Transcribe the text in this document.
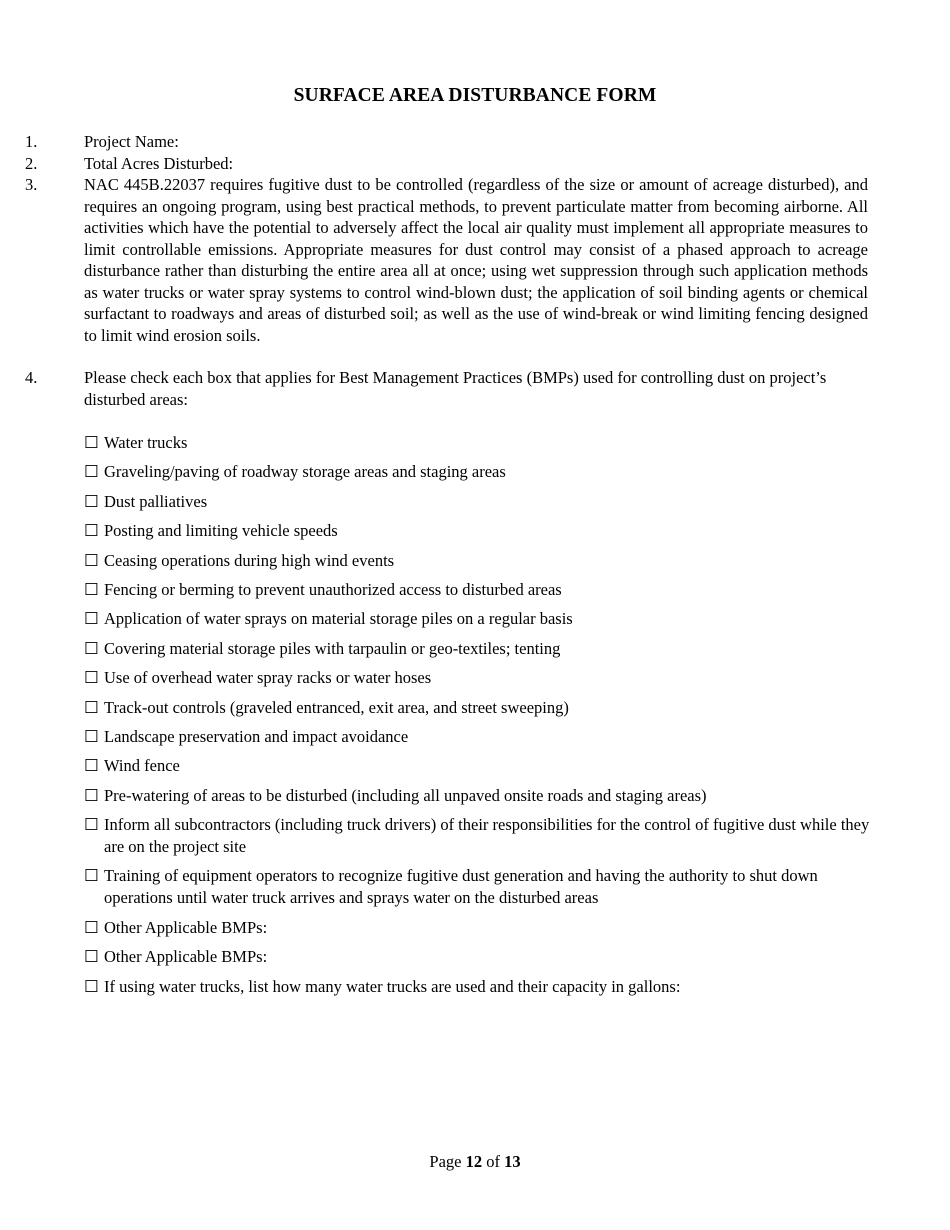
SURFACE AREA DISTURBANCE FORM
1.	Project Name:
2.	Total Acres Disturbed:
3.	NAC 445B.22037 requires fugitive dust to be controlled (regardless of the size or amount of acreage disturbed), and requires an ongoing program, using best practical methods, to prevent particulate matter from becoming airborne. All activities which have the potential to adversely affect the local air quality must implement all appropriate measures to limit controllable emissions. Appropriate measures for dust control may consist of a phased approach to acreage disturbance rather than disturbing the entire area all at once; using wet suppression through such application methods as water trucks or water spray systems to control wind-blown dust; the application of soil binding agents or chemical surfactant to roadways and areas of disturbed soil; as well as the use of wind-break or wind limiting fencing designed to limit wind erosion soils.
4.	Please check each box that applies for Best Management Practices (BMPs) used for controlling dust on project’s disturbed areas:
☐ Water trucks
☐ Graveling/paving of roadway storage areas and staging areas
☐ Dust palliatives
☐ Posting and limiting vehicle speeds
☐ Ceasing operations during high wind events
☐ Fencing or berming to prevent unauthorized access to disturbed areas
☐ Application of water sprays on material storage piles on a regular basis
☐ Covering material storage piles with tarpaulin or geo-textiles; tenting
☐ Use of overhead water spray racks or water hoses
☐ Track-out controls (graveled entranced, exit area, and street sweeping)
☐ Landscape preservation and impact avoidance
☐ Wind fence
☐ Pre-watering of areas to be disturbed (including all unpaved onsite roads and staging areas)
☐ Inform all subcontractors (including truck drivers) of their responsibilities for the control of fugitive dust while they are on the project site
☐ Training of equipment operators to recognize fugitive dust generation and having the authority to shut down operations until water truck arrives and sprays water on the disturbed areas
☐ Other Applicable BMPs:
☐ Other Applicable BMPs:
☐ If using water trucks, list how many water trucks are used and their capacity in gallons:
Page 12 of 13
